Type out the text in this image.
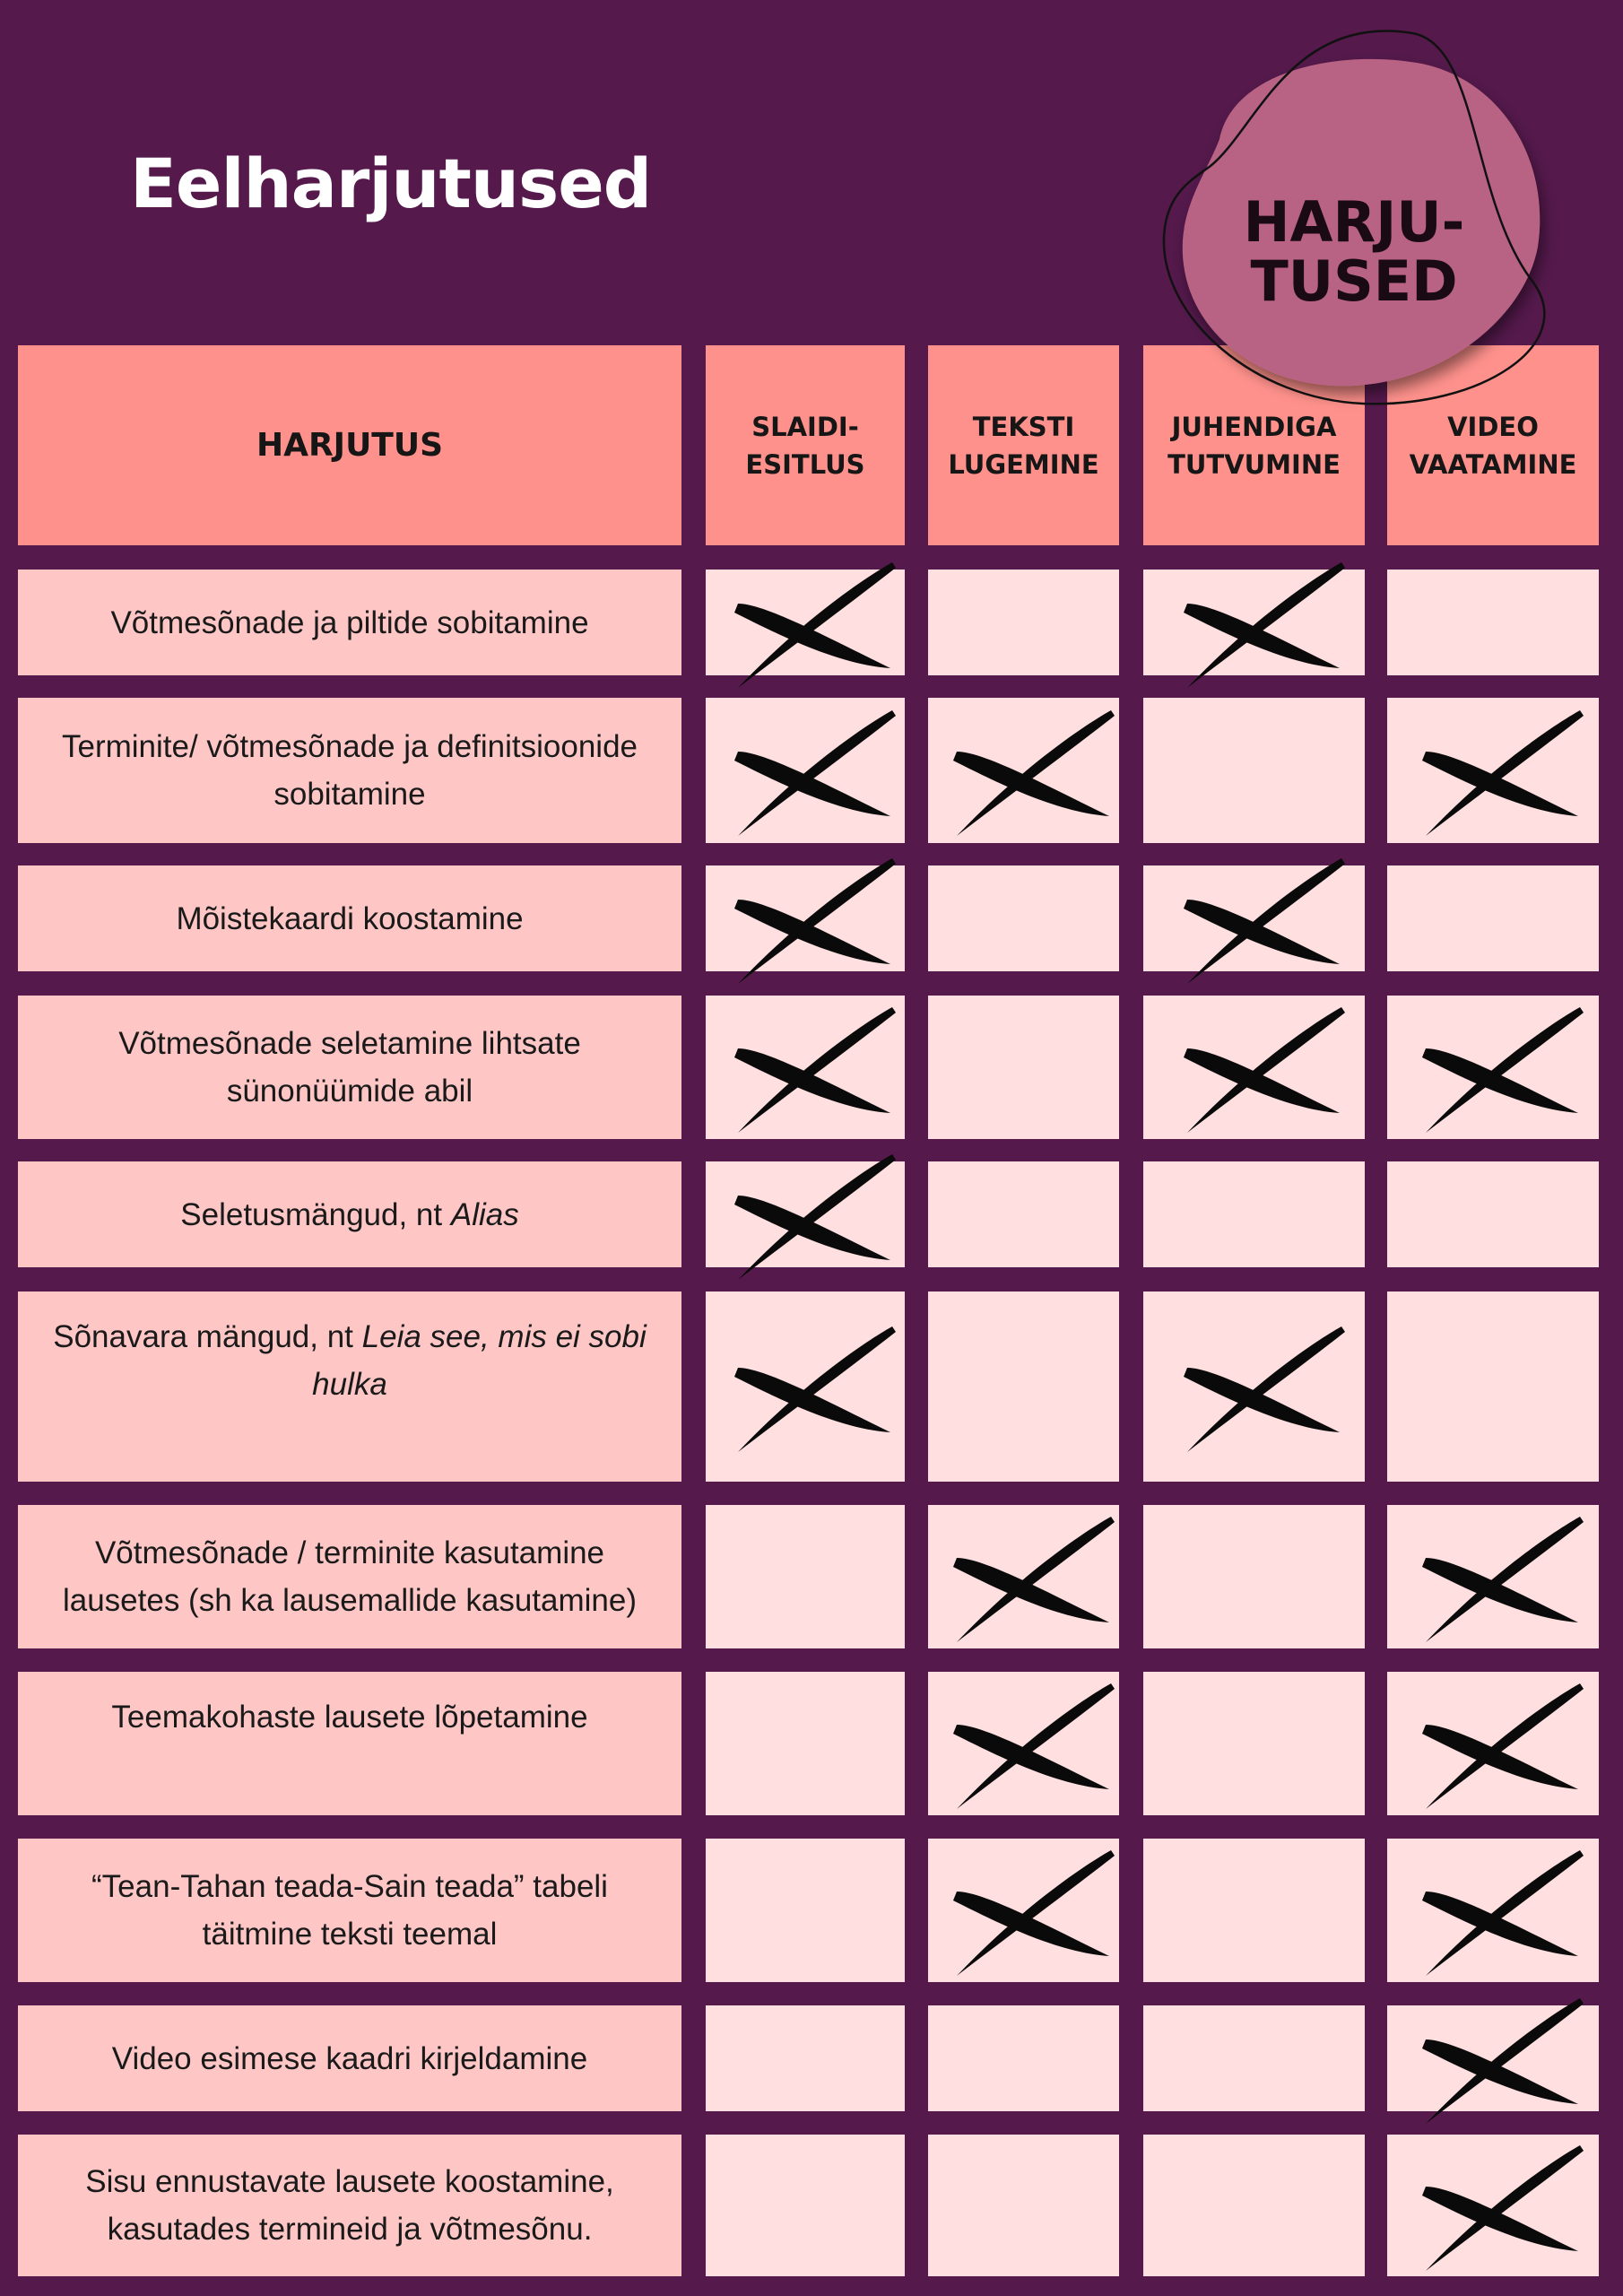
Eelharjutused
HARJUTUS
SLAIDI-
ESITLUS
TEKSTI
LUGEMINE
JUHENDIGA
TUTVUMINE
VIDEO
VAATAMINE
Võtmesõnade ja piltide sobitamine
Terminite/ võtmesõnade ja definitsioonide sobitamine
Mõistekaardi koostamine
Võtmesõnade seletamine lihtsate sünonüümide abil
Seletusmängud, nt Alias
Sõnavara mängud, nt Leia see, mis ei sobi hulka
Võtmesõnade / terminite kasutamine lausetes (sh ka lausemallide kasutamine)
Teemakohaste lausete lõpetamine
“Tean-Tahan teada-Sain teada” tabeli täitmine teksti teemal
Video esimese kaadri kirjeldamine
Sisu ennustavate lausete koostamine, kasutades termineid ja võtmesõnu.
HARJU-
TUSED
